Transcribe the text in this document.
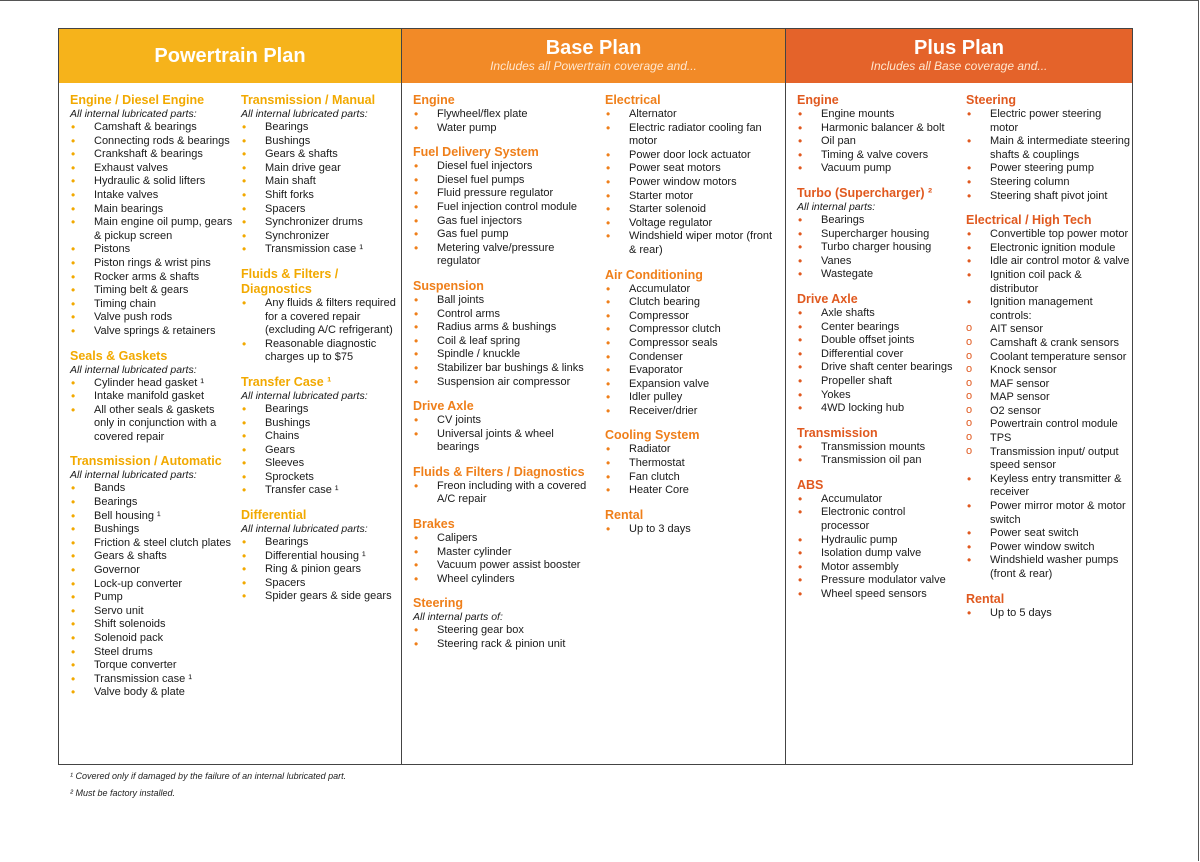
Powertrain Plan
Engine / Diesel Engine
All internal lubricated parts:
• Camshaft & bearings
• Connecting rods & bearings
• Crankshaft & bearings
• Exhaust valves
• Hydraulic & solid lifters
• Intake valves
• Main bearings
• Main engine oil pump, gears & pickup screen
• Pistons
• Piston rings & wrist pins
• Rocker arms & shafts
• Timing belt & gears
• Timing chain
• Valve push rods
• Valve springs & retainers
Seals & Gaskets
All internal lubricated parts:
• Cylinder head gasket ¹
• Intake manifold gasket
• All other seals & gaskets only in conjunction with a covered repair
Transmission / Automatic
All internal lubricated parts:
• Bands
• Bearings
• Bell housing ¹
• Bushings
• Friction & steel clutch plates
• Gears & shafts
• Governor
• Lock-up converter
• Pump
• Servo unit
• Shift solenoids
• Solenoid pack
• Steel drums
• Torque converter
• Transmission case ¹
• Valve body & plate
Transmission / Manual
All internal lubricated parts:
• Bearings
• Bushings
• Gears & shafts
• Main drive gear
• Main shaft
• Shift forks
• Spacers
• Synchronizer drums
• Synchronizer
• Transmission case ¹
Fluids & Filters / Diagnostics
• Any fluids & filters required for a covered repair (excluding A/C refrigerant)
• Reasonable diagnostic charges up to $75
Transfer Case ¹
All internal lubricated parts:
• Bearings
• Bushings
• Chains
• Gears
• Sleeves
• Sprockets
• Transfer case ¹
Differential
All internal lubricated parts:
• Bearings
• Differential housing ¹
• Ring & pinion gears
• Spacers
• Spider gears & side gears
Base Plan
Includes all Powertrain coverage and...
Engine
• Flywheel/flex plate
• Water pump
Fuel Delivery System
• Diesel fuel injectors
• Diesel fuel pumps
• Fluid pressure regulator
• Fuel injection control module
• Gas fuel injectors
• Gas fuel pump
• Metering valve/pressure regulator
Suspension
• Ball joints
• Control arms
• Radius arms & bushings
• Coil & leaf spring
• Spindle / knuckle
• Stabilizer bar bushings & links
• Suspension air compressor
Drive Axle
• CV joints
• Universal joints & wheel bearings
Fluids & Filters / Diagnostics
• Freon including with a covered A/C repair
Brakes
• Calipers
• Master cylinder
• Vacuum power assist booster
• Wheel cylinders
Steering
All internal parts of:
• Steering gear box
• Steering rack & pinion unit
Electrical
• Alternator
• Electric radiator cooling fan motor
• Power door lock actuator
• Power seat motors
• Power window motors
• Starter motor
• Starter solenoid
• Voltage regulator
• Windshield wiper motor (front & rear)
Air Conditioning
• Accumulator
• Clutch bearing
• Compressor
• Compressor clutch
• Compressor seals
• Condenser
• Evaporator
• Expansion valve
• Idler pulley
• Receiver/drier
Cooling System
• Radiator
• Thermostat
• Fan clutch
• Heater Core
Rental
• Up to 3 days
Plus Plan
Includes all Base coverage and...
Engine
• Engine mounts
• Harmonic balancer & bolt
• Oil pan
• Timing & valve covers
• Vacuum pump
Turbo (Supercharger) ²
All internal parts:
• Bearings
• Supercharger housing
• Turbo charger housing
• Vanes
• Wastegate
Drive Axle
• Axle shafts
• Center bearings
• Double offset joints
• Differential cover
• Drive shaft center bearings
• Propeller shaft
• Yokes
• 4WD locking hub
Transmission
• Transmission mounts
• Transmission oil pan
ABS
• Accumulator
• Electronic control processor
• Hydraulic pump
• Isolation dump valve
• Motor assembly
• Pressure modulator valve
• Wheel speed sensors
Steering
• Electric power steering motor
• Main & intermediate steering shafts & couplings
• Power steering pump
• Steering column
• Steering shaft pivot joint
Electrical / High Tech
• Convertible top power motor
• Electronic ignition module
• Idle air control motor & valve
• Ignition coil pack & distributor
• Ignition management controls:
o AIT sensor
o Camshaft & crank sensors
o Coolant temperature sensor
o Knock sensor
o MAF sensor
o MAP sensor
o O2 sensor
o Powertrain control module
o TPS
o Transmission input/ output speed sensor
• Keyless entry transmitter & receiver
• Power mirror motor & motor switch
• Power seat switch
• Power window switch
• Windshield washer pumps (front & rear)
Rental
• Up to 5 days
¹ Covered only if damaged by the failure of an internal lubricated part.
² Must be factory installed.
